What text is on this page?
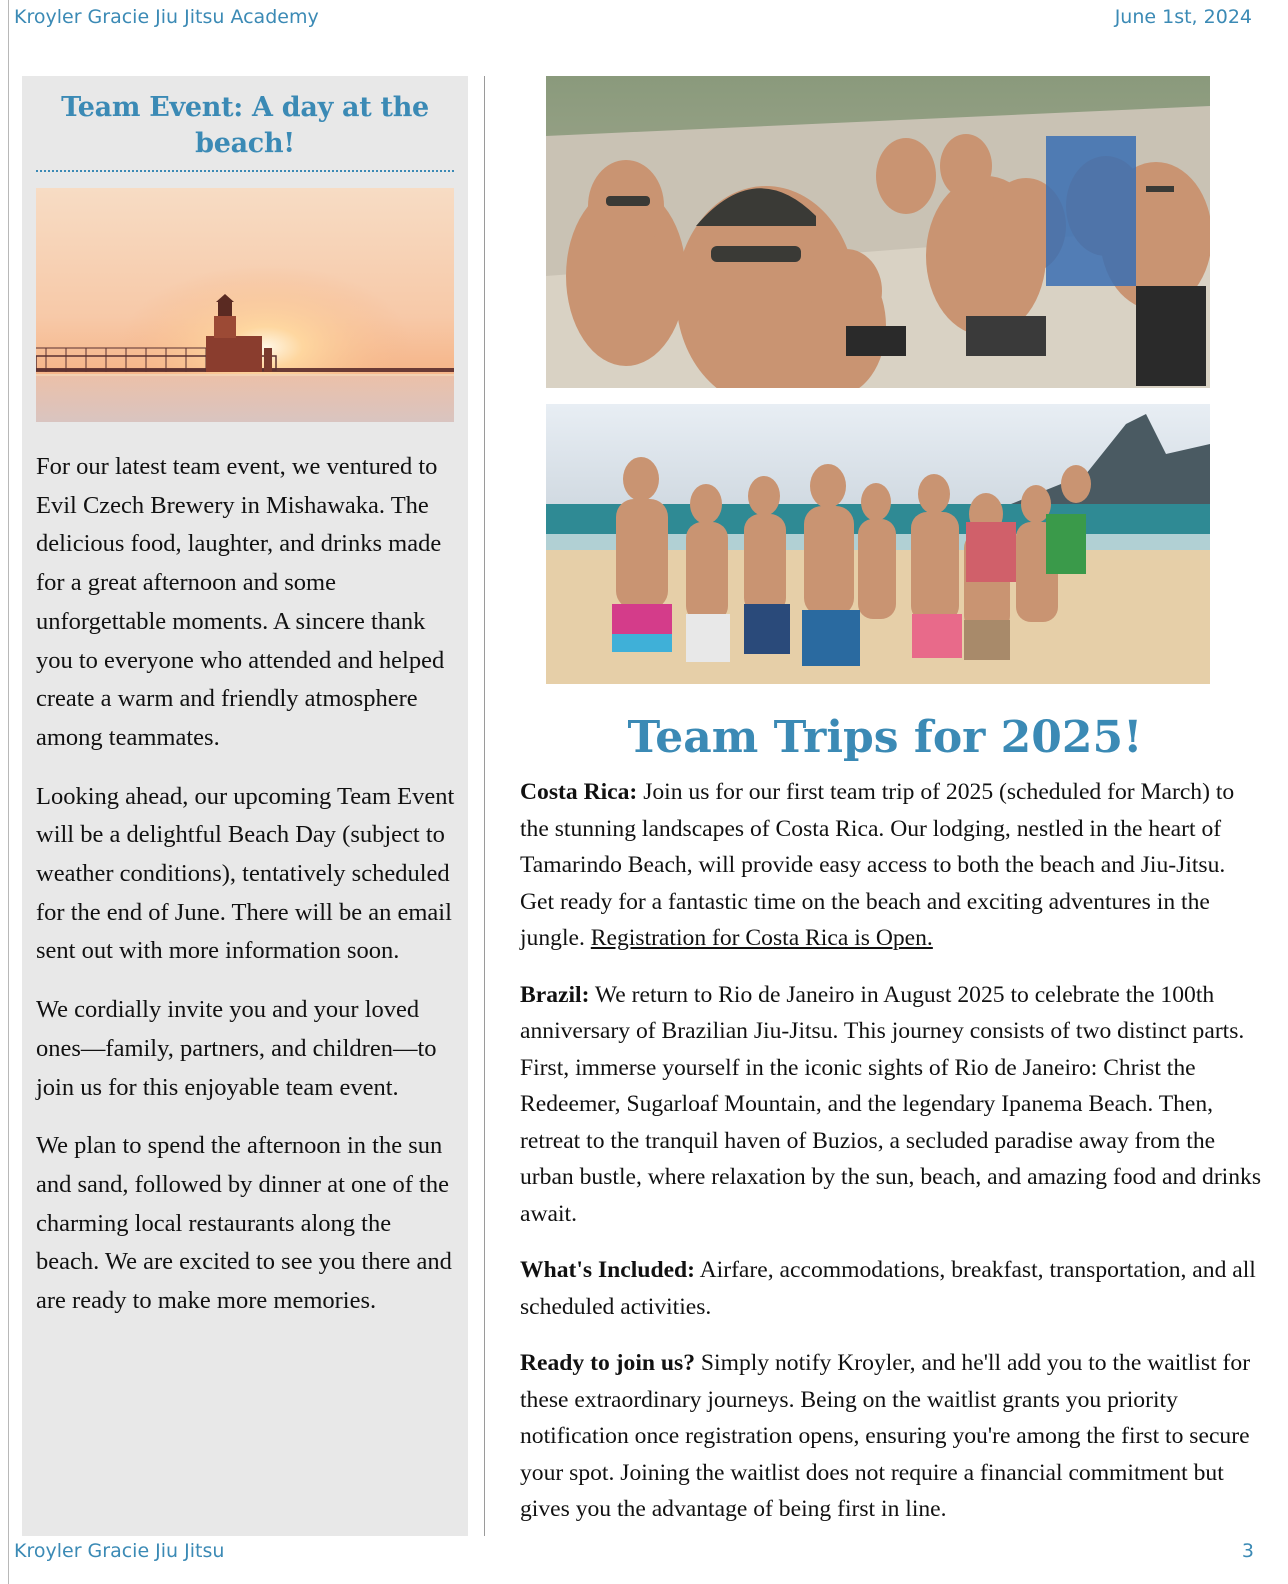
Kroyler Gracie Jiu Jitsu Academy	June 1st, 2024
Team Event: A day at the beach!

For our latest team event, we ventured to Evil Czech Brewery in Mishawaka. The delicious food, laughter, and drinks made for a great afternoon and some unforgettable moments. A sincere thank you to everyone who attended and helped create a warm and friendly atmosphere among teammates.

Looking ahead, our upcoming Team Event will be a delightful Beach Day (subject to weather conditions), tentatively scheduled for the end of June. There will be an email sent out with more information soon.

We cordially invite you and your loved ones—family, partners, and children—to join us for this enjoyable team event.

We plan to spend the afternoon in the sun and sand, followed by dinner at one of the charming local restaurants along the beach. We are excited to see you there and are ready to make more memories.

Team Trips for 2025!

Costa Rica: Join us for our first team trip of 2025 (scheduled for March) to the stunning landscapes of Costa Rica. Our lodging, nestled in the heart of Tamarindo Beach, will provide easy access to both the beach and Jiu-Jitsu. Get ready for a fantastic time on the beach and exciting adventures in the jungle. Registration for Costa Rica is Open.

Brazil: We return to Rio de Janeiro in August 2025 to celebrate the 100th anniversary of Brazilian Jiu-Jitsu. This journey consists of two distinct parts. First, immerse yourself in the iconic sights of Rio de Janeiro: Christ the Redeemer, Sugarloaf Mountain, and the legendary Ipanema Beach. Then, retreat to the tranquil haven of Buzios, a secluded paradise away from the urban bustle, where relaxation by the sun, beach, and amazing food and drinks await.

What's Included: Airfare, accommodations, breakfast, transportation, and all scheduled activities.

Ready to join us? Simply notify Kroyler, and he'll add you to the waitlist for these extraordinary journeys. Being on the waitlist grants you priority notification once registration opens, ensuring you're among the first to secure your spot. Joining the waitlist does not require a financial commitment but gives you the advantage of being first in line.

Kroyler Gracie Jiu Jitsu	3
